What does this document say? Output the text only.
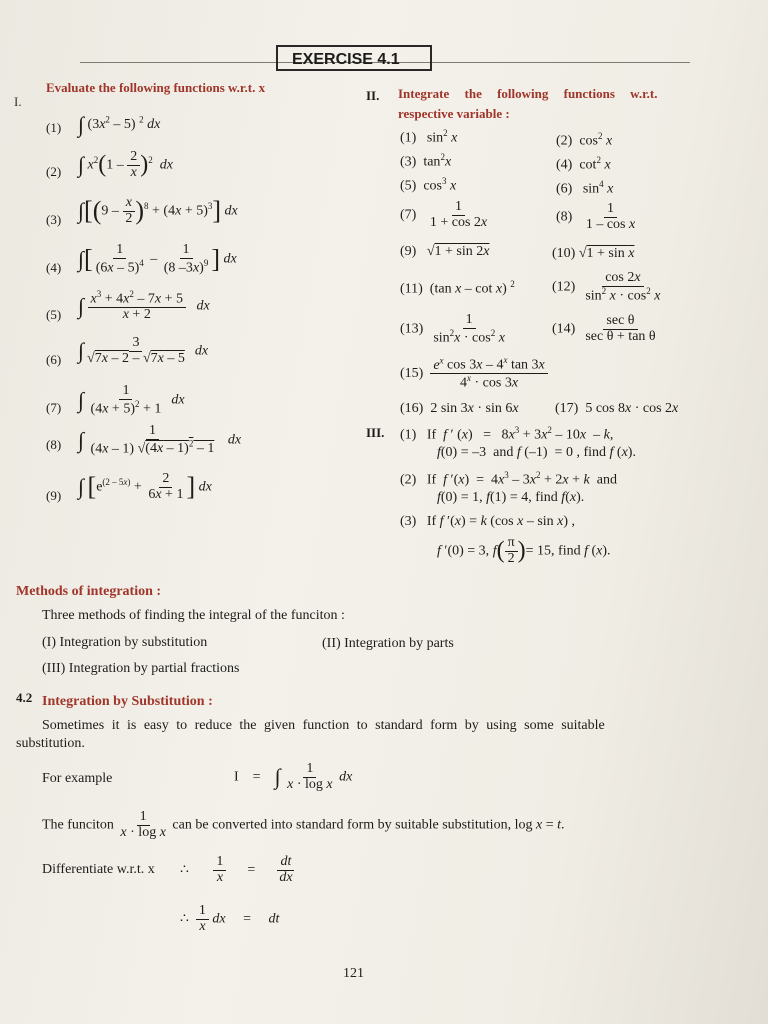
EXERCISE 4.1
I.
Evaluate the following functions w.r.t. x
(1) ∫ $(3x^2 - 5)$ $^2$ dx
(2) ∫ $x^2(1 - \frac{2}{x} )^2$ dx
(3) $\int[(9 - \frac{x}{2} )^8 + (4x + 5)^3]$ dx
(4) ∫[ $\frac{1}{(6x - 5)^4} - \frac{1}{(8 -3x)^9}$ ] dx
(5) ∫ $\frac{x^3 + 4x^2 - 7x + 5}{x + 2}$ dx
(6) ∫ $\frac{3}{√7x - 2 - √7x - 5}$ dx
(7) ∫ $\frac{1}{(4x + 5)^2 + 1}$ dx
(8) ∫ $\frac{1}{(4x - 1) √(4x - 1)^2 - 1}$ dx
(9) ∫ [$e^{(2 - 5x)} + \frac{2}{6x + 1}$ ] dx
II. Integrate the following functions w.r.t.
respective variable :
(1)   $\sin^2 x$	(2)  $\cos^2 x$
(3)  $\tan^2x$	(4)  $\cot^2 x$
(5)  $\cos^3 x$	(6)   $\sin^4 x$
$(7) \frac{1}{1 + \cos 2x}$	$(8) \frac{1}{\text{1 – cos x}}$
(9)   √1 + sin 2x	(10) √1 + sin x
(11)  (tan x – cot x) $^2$	$(12) \frac{\cos 2x}{\sin^2 x \cdot \cos^2 x}$
$(13) \frac{1}{\sin^2x \cdot \cos^2 x}$	$(14) \frac{\text{sec θ}}{\text{sec θ + tan θ}}$
$(15) \frac{e^x \cos 3x - 4^x \tan 3x}{4^x \cdot \cos 3x}$
(16)  2 sin 3x · sin 6x	(17)  5 cos 8x · cos 2x
III. (1)   If  f ′ $(x) = 8x^3 + 3x^2 - 10x - k$,
f(0) = –3  and f (–1)  = 0 , find f (x).
(2)   If  f $'(x) = 4x^3 - 3x^2 + 2x + k$  and
f(0) = 1, f(1) = 4, find f(x).
(3)   If f ′(x) = k (cos x – sin x) ,
f ′(0) = 3, $f( \frac{\pi}{2}$ )= 15, find f (x).
Methods of integration :
Three methods of finding the integral of the funciton :
(I) Integration by substitution	(II) Integration by parts
(III) Integration by partial fractions
4.2 Integration by Substitution :
Sometimes it is easy to reduce the given function to standard form by using some suitable
substitution.
For example	I    =    ∫ $\frac{1}{\text{x · log x}}$ dx
The funciton $\frac{1}{\text{x · log x}}$ can be converted into standard form by suitable substitution, log x = t.
Differentiate w.r.t. x ∴ $\frac{1}{x} = \frac{dt}{dx}$
∴ $\frac{1}{x}$ dx     =     dt
121
